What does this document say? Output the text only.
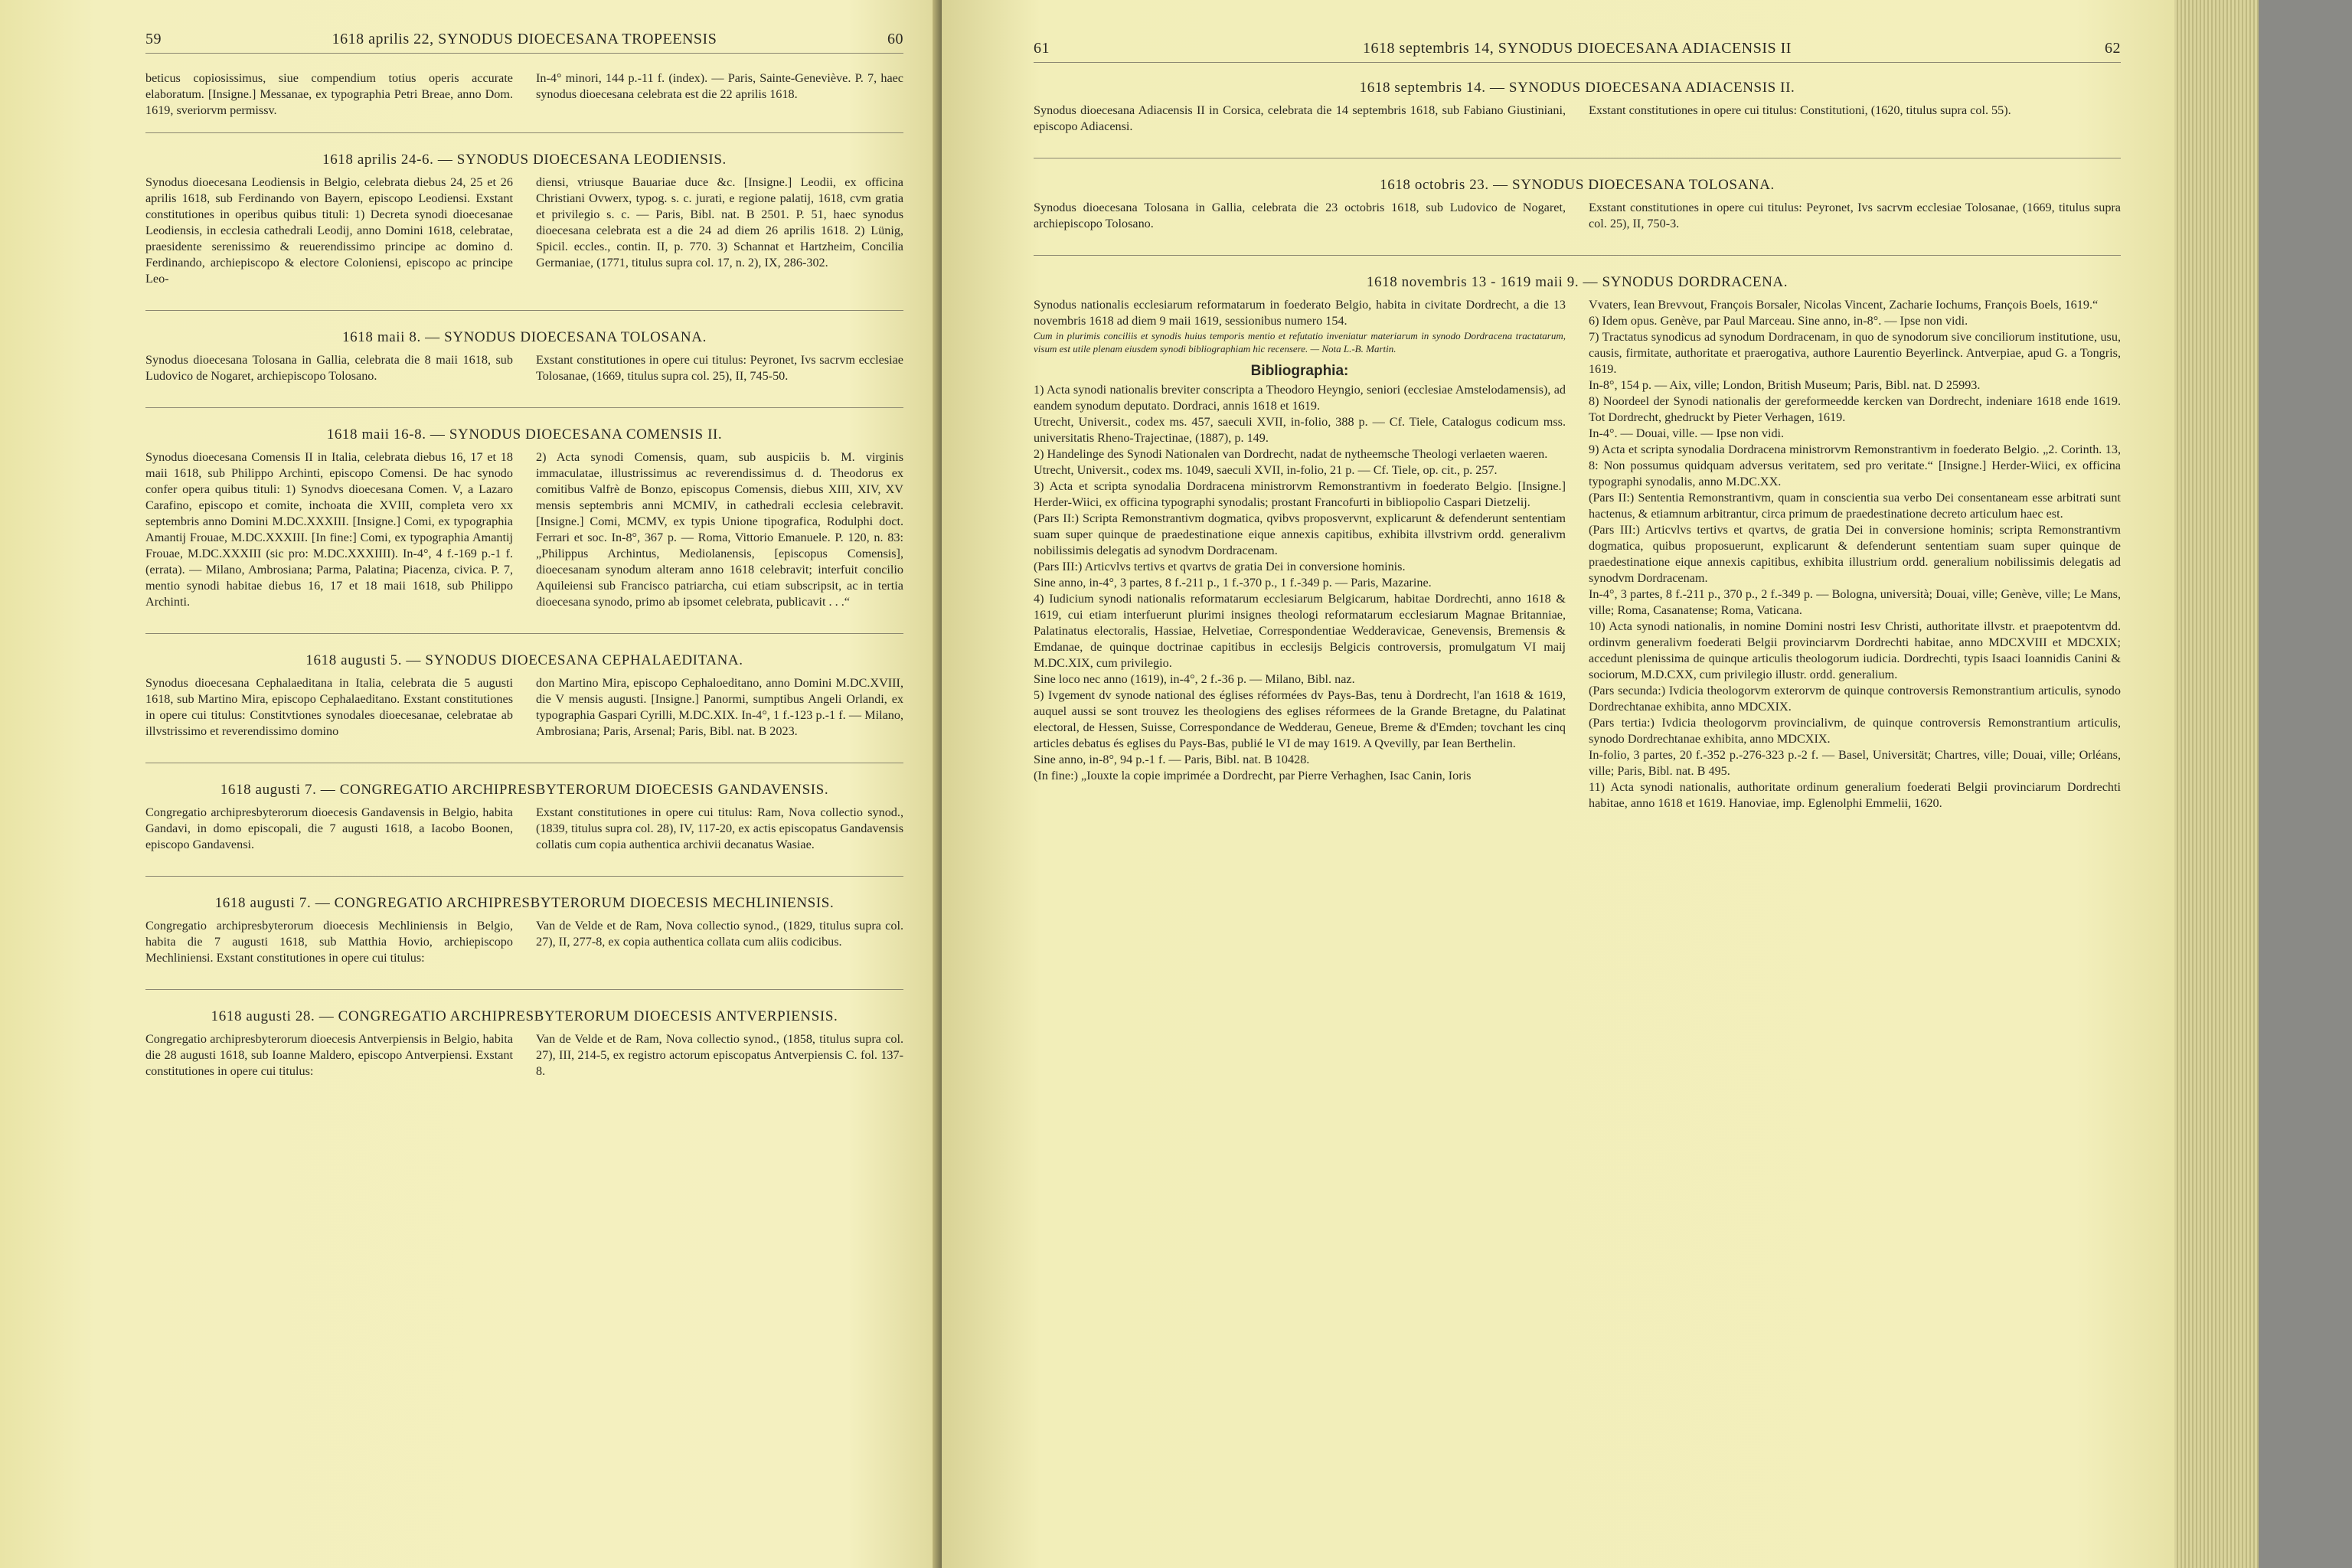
59	1618 aprilis 22, SYNODUS DIOECESANA TROPEENSIS	60
beticus copiosissimus, siue compendium totius operis accurate elaboratum. [Insigne.] Messanae, ex typographia Petri Breae, anno Dom. 1619, sveriorvm permissv.
In-4° minori, 144 p.-11 f. (index). — Paris, Sainte-Geneviève. P. 7, haec synodus dioecesana celebrata est die 22 aprilis 1618.
1618 aprilis 24-6. — SYNODUS DIOECESANA LEODIENSIS.
Synodus dioecesana Leodiensis in Belgio, celebrata diebus 24, 25 et 26 aprilis 1618, sub Ferdinando von Bayern, episcopo Leodiensi. Exstant constitutiones in operibus quibus tituli: 1) Decreta synodi dioecesanae Leodiensis, in ecclesia cathedrali Leodij, anno Domini 1618, celebratae, praesidente serenissimo & reuerendissimo principe ac domino d. Ferdinando, archiepiscopo & electore Coloniensi, episcopo ac principe Leo-
diensi, vtriusque Bauariae duce &c. [Insigne.] Leodii, ex officina Christiani Ovwerx, typog. s. c. jurati, e regione palatij, 1618, cvm gratia et privilegio s. c. — Paris, Bibl. nat. B 2501. P. 51, haec synodus dioecesana celebrata est a die 24 ad diem 26 aprilis 1618. 2) Lünig, Spicil. eccles., contin. II, p. 770. 3) Schannat et Hartzheim, Concilia Germaniae, (1771, titulus supra col. 17, n. 2), IX, 286-302.
1618 maii 8. — SYNODUS DIOECESANA TOLOSANA.
Synodus dioecesana Tolosana in Gallia, celebrata die 8 maii 1618, sub Ludovico de Nogaret, archiepiscopo Tolosano.
Exstant constitutiones in opere cui titulus: Peyronet, Ivs sacrvm ecclesiae Tolosanae, (1669, titulus supra col. 25), II, 745-50.
1618 maii 16-8. — SYNODUS DIOECESANA COMENSIS II.
Synodus dioecesana Comensis II in Italia, celebrata diebus 16, 17 et 18 maii 1618, sub Philippo Archinti, episcopo Comensi. De hac synodo confer opera quibus tituli: 1) Synodvs dioecesana Comen. V, a Lazaro Carafino, episcopo et comite, inchoata die XVIII, completa vero xx septembris anno Domini M.DC.XXXIII. [Insigne.] Comi, ex typographia Amantij Frouae, M.DC.XXXIII. [In fine:] Comi, ex typographia Amantij Frouae, M.DC.XXXIII (sic pro: M.DC.XXXIIII). In-4°, 4 f.-169 p.-1 f. (errata). — Milano, Ambrosiana; Parma, Palatina; Piacenza, civica. P. 7, mentio synodi habitae diebus 16, 17 et 18 maii 1618, sub Philippo Archinti.
2) Acta synodi Comensis, quam, sub auspiciis b. M. virginis immaculatae, illustrissimus ac reverendissimus d. d. Theodorus ex comitibus Valfrè de Bonzo, episcopus Comensis, diebus XIII, XIV, XV mensis septembris anni MCMIV, in cathedrali ecclesia celebravit. [Insigne.] Comi, MCMV, ex typis Unione tipografica, Rodulphi doct. Ferrari et soc. In-8°, 367 p. — Roma, Vittorio Emanuele. P. 120, n. 83: „Philippus Archintus, Mediolanensis, [episcopus Comensis], dioecesanam synodum alteram anno 1618 celebravit; interfuit concilio Aquileiensi sub Francisco patriarcha, cui etiam subscripsit, ac in tertia dioecesana synodo, primo ab ipsomet celebrata, publicavit . . .“
1618 augusti 5. — SYNODUS DIOECESANA CEPHALAEDITANA.
Synodus dioecesana Cephalaeditana in Italia, celebrata die 5 augusti 1618, sub Martino Mira, episcopo Cephalaeditano. Exstant constitutiones in opere cui titulus: Constitvtiones synodales dioecesanae, celebratae ab illvstrissimo et reverendissimo domino
don Martino Mira, episcopo Cephaloeditano, anno Domini M.DC.XVIII, die V mensis augusti. [Insigne.] Panormi, sumptibus Angeli Orlandi, ex typographia Gaspari Cyrilli, M.DC.XIX. In-4°, 1 f.-123 p.-1 f. — Milano, Ambrosiana; Paris, Arsenal; Paris, Bibl. nat. B 2023.
1618 augusti 7. — CONGREGATIO ARCHIPRESBYTERORUM DIOECESIS GANDAVENSIS.
Congregatio archipresbyterorum dioecesis Gandavensis in Belgio, habita Gandavi, in domo episcopali, die 7 augusti 1618, a Iacobo Boonen, episcopo Gandavensi.
Exstant constitutiones in opere cui titulus: Ram, Nova collectio synod., (1839, titulus supra col. 28), IV, 117-20, ex actis episcopatus Gandavensis collatis cum copia authentica archivii decanatus Wasiae.
1618 augusti 7. — CONGREGATIO ARCHIPRESBYTERORUM DIOECESIS MECHLINIENSIS.
Congregatio archipresbyterorum dioecesis Mechliniensis in Belgio, habita die 7 augusti 1618, sub Matthia Hovio, archiepiscopo Mechliniensi. Exstant constitutiones in opere cui titulus:
Van de Velde et de Ram, Nova collectio synod., (1829, titulus supra col. 27), II, 277-8, ex copia authentica collata cum aliis codicibus.
1618 augusti 28. — CONGREGATIO ARCHIPRESBYTERORUM DIOECESIS ANTVERPIENSIS.
Congregatio archipresbyterorum dioecesis Antverpiensis in Belgio, habita die 28 augusti 1618, sub Ioanne Maldero, episcopo Antverpiensi. Exstant constitutiones in opere cui titulus:
Van de Velde et de Ram, Nova collectio synod., (1858, titulus supra col. 27), III, 214-5, ex registro actorum episcopatus Antverpiensis C. fol. 137-8.
61	1618 septembris 14, SYNODUS DIOECESANA ADIACENSIS II	62
1618 septembris 14. — SYNODUS DIOECESANA ADIACENSIS II.
Synodus dioecesana Adiacensis II in Corsica, celebrata die 14 septembris 1618, sub Fabiano Giustiniani, episcopo Adiacensi.
Exstant constitutiones in opere cui titulus: Constitutioni, (1620, titulus supra col. 55).
1618 octobris 23. — SYNODUS DIOECESANA TOLOSANA.
Synodus dioecesana Tolosana in Gallia, celebrata die 23 octobris 1618, sub Ludovico de Nogaret, archiepiscopo Tolosano.
Exstant constitutiones in opere cui titulus: Peyronet, Ivs sacrvm ecclesiae Tolosanae, (1669, titulus supra col. 25), II, 750-3.
1618 novembris 13 - 1619 maii 9. — SYNODUS DORDRACENA.

Synodus nationalis ecclesiarum reformatarum in foederato Belgio, habita in civitate Dordrecht, a die 13 novembris 1618 ad diem 9 maii 1619, sessionibus numero 154.

Cum in plurimis conciliis et synodis huius temporis mentio et refutatio inveniatur materiarum in synodo Dordracena tractatarum, visum est utile plenam eiusdem synodi bibliographiam hic recensere. — Nota L.-B. Martin.

Bibliographia:

1) Acta synodi nationalis breviter conscripta a Theodoro Heyngio, seniori (ecclesiae Amstelodamensis), ad eandem synodum deputato. Dordraci, annis 1618 et 1619.

Utrecht, Universit., codex ms. 457, saeculi XVII, in-folio, 388 p. — Cf. Tiele, Catalogus codicum mss. universitatis Rheno-Trajectinae, (1887), p. 149.

2) Handelinge des Synodi Nationalen van Dordrecht, nadat de nytheemsche Theologi verlaeten waeren.

Utrecht, Universit., codex ms. 1049, saeculi XVII, in-folio, 21 p. — Cf. Tiele, op. cit., p. 257.

3) Acta et scripta synodalia Dordracena ministrorvm Remonstrantivm in foederato Belgio. [Insigne.] Herder-Wiici, ex officina typographi synodalis; prostant Francofurti in bibliopolio Caspari Dietzelij.

(Pars II:) Scripta Remonstrantivm dogmatica, qvibvs proposvervnt, explicarunt & defenderunt sententiam suam super quinque de praedestinatione eique annexis capitibus, exhibita illvstrivm ordd. generalivm nobilissimis delegatis ad synodvm Dordracenam.

(Pars III:) Articvlvs tertivs et qvartvs de gratia Dei in conversione hominis.

Sine anno, in-4°, 3 partes, 8 f.-211 p., 1 f.-370 p., 1 f.-349 p. — Paris, Mazarine.

4) Iudicium synodi nationalis reformatarum ecclesiarum Belgicarum, habitae Dordrechti, anno 1618 & 1619, cui etiam interfuerunt plurimi insignes theologi reformatarum ecclesiarum Magnae Britanniae, Palatinatus electoralis, Hassiae, Helvetiae, Correspondentiae Wedderavicae, Genevensis, Bremensis & Emdanae, de quinque doctrinae capitibus in ecclesijs Belgicis controversis, promulgatum VI maij M.DC.XIX, cum privilegio.

Sine loco nec anno (1619), in-4°, 2 f.-36 p. — Milano, Bibl. naz.

5) Ivgement dv synode national des églises réformées dv Pays-Bas, tenu à Dordrecht, l'an 1618 & 1619, auquel aussi se sont trouvez les theologiens des eglises réformees de la Grande Bretagne, du Palatinat electoral, de Hessen, Suisse, Correspondance de Wedderau, Geneue, Breme & d'Emden; tovchant les cinq articles debatus és eglises du Pays-Bas, publié le VI de may 1619. A Qvevilly, par Iean Berthelin.

Sine anno, in-8°, 94 p.-1 f. — Paris, Bibl. nat. B 10428.

(In fine:) „Iouxte la copie imprimée a Dordrecht, par Pierre Verhaghen, Isac Canin, Ioris

Vvaters, Iean Brevvout, François Borsaler, Nicolas Vincent, Zacharie Iochums, François Boels, 1619.“

6) Idem opus. Genève, par Paul Marceau. Sine anno, in-8°. — Ipse non vidi.

7) Tractatus synodicus ad synodum Dordracenam, in quo de synodorum sive conciliorum institutione, usu, causis, firmitate, authoritate et praerogativa, authore Laurentio Beyerlinck. Antverpiae, apud G. a Tongris, 1619.

In-8°, 154 p. — Aix, ville; London, British Museum; Paris, Bibl. nat. D 25993.

8) Noordeel der Synodi nationalis der gereformeedde kercken van Dordrecht, indeniare 1618 ende 1619. Tot Dordrecht, ghedruckt by Pieter Verhagen, 1619.

In-4°. — Douai, ville. — Ipse non vidi.

9) Acta et scripta synodalia Dordracena ministrorvm Remonstrantivm in foederato Belgio. „2. Corinth. 13, 8: Non possumus quidquam adversus veritatem, sed pro veritate.“ [Insigne.] Herder-Wiici, ex officina typographi synodalis, anno M.DC.XX.

(Pars II:) Sententia Remonstrantivm, quam in conscientia sua verbo Dei consentaneam esse arbitrati sunt hactenus, & etiamnum arbitrantur, circa primum de praedestinatione decreto articulum haec est.

(Pars III:) Articvlvs tertivs et qvartvs, de gratia Dei in conversione hominis; scripta Remonstrantivm dogmatica, quibus proposuerunt, explicarunt & defenderunt sententiam suam super quinque de praedestinatione eique annexis capitibus, exhibita illustrium ordd. generalium nobilissimis delegatis ad synodvm Dordracenam.

In-4°, 3 partes, 8 f.-211 p., 370 p., 2 f.-349 p. — Bologna, università; Douai, ville; Genève, ville; Le Mans, ville; Roma, Casanatense; Roma, Vaticana.

10) Acta synodi nationalis, in nomine Domini nostri Iesv Christi, authoritate illvstr. et praepotentvm dd. ordinvm generalivm foederati Belgii provinciarvm Dordrechti habitae, anno MDCXVIII et MDCXIX; accedunt plenissima de quinque articulis theologorum iudicia. Dordrechti, typis Isaaci Ioannidis Canini & sociorum, M.D.CXX, cum privilegio illustr. ordd. generalium.

(Pars secunda:) Ivdicia theologorvm exterorvm de quinque controversis Remonstrantium articulis, synodo Dordrechtanae exhibita, anno MDCXIX.

(Pars tertia:) Ivdicia theologorvm provincialivm, de quinque controversis Remonstrantium articulis, synodo Dordrechtanae exhibita, anno MDCXIX.

In-folio, 3 partes, 20 f.-352 p.-276-323 p.-2 f. — Basel, Universität; Chartres, ville; Douai, ville; Orléans, ville; Paris, Bibl. nat. B 495.

11) Acta synodi nationalis, authoritate ordinum generalium foederati Belgii provinciarum Dordrechti habitae, anno 1618 et 1619. Hanoviae, imp. Eglenolphi Emmelii, 1620.
